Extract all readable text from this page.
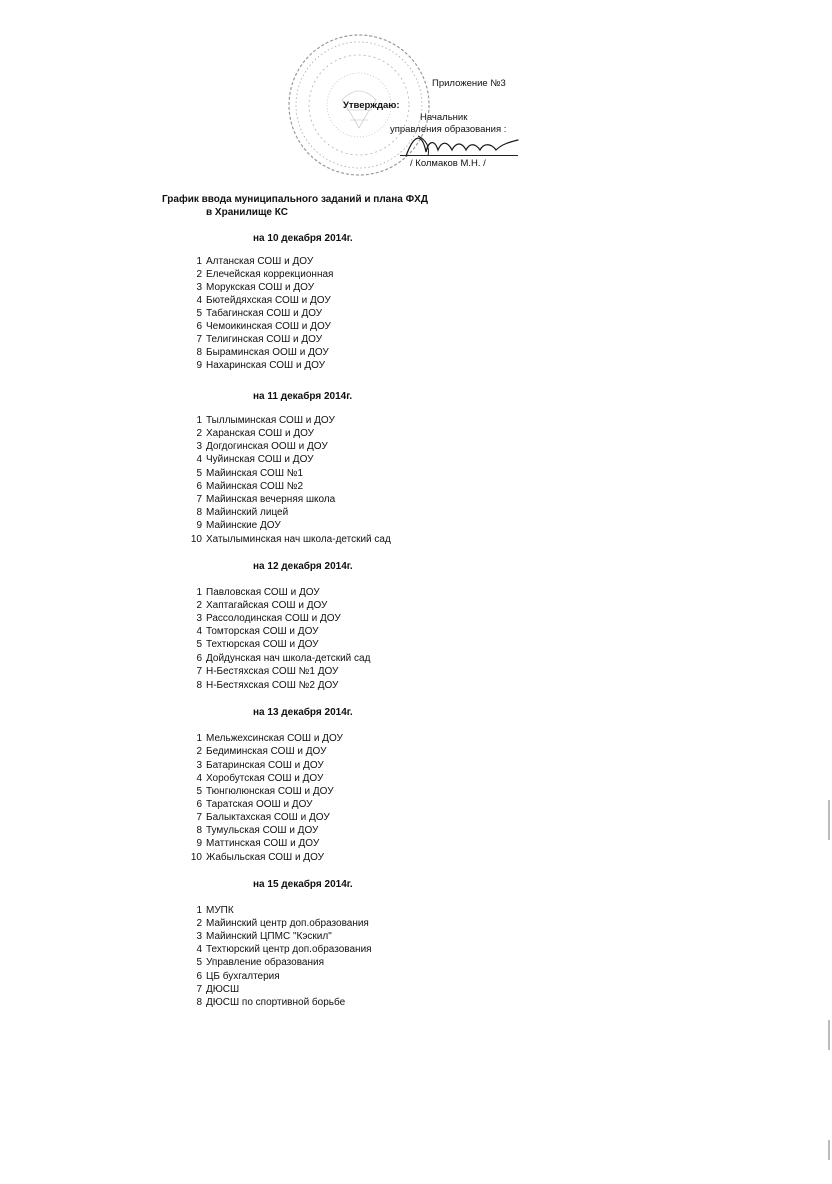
Приложение №3
Утверждаю:
Начальник
управления образования :
/ Колмаков М.Н. /
График ввода муниципального заданий и плана ФХД
в Хранилище КС
на 10 декабря 2014г.
1 Алтанская СОШ и ДОУ
2 Елечейская коррекционная
3 Морукская СОШ и ДОУ
4 Бютейдяхская СОШ и ДОУ
5 Табагинская СОШ и ДОУ
6 Чемоикинская СОШ и ДОУ
7 Телигинская СОШ и ДОУ
8 Быраминская ООШ и ДОУ
9 Нахаринская СОШ и ДОУ
на 11 декабря 2014г.
1 Тыллыминская СОШ и ДОУ
2 Харанская СОШ и ДОУ
3 Догдогинская ООШ и ДОУ
4 Чуйинская СОШ и ДОУ
5 Майинская СОШ №1
6 Майинская СОШ №2
7 Майинская вечерняя школа
8 Майинский лицей
9 Майинские ДОУ
10 Хатылыминская нач школа-детский сад
на 12 декабря 2014г.
1 Павловская СОШ и ДОУ
2 Хаптагайская СОШ и ДОУ
3 Рассолодинская СОШ и ДОУ
4 Томторская СОШ и ДОУ
5 Техтюрская СОШ и ДОУ
6 Дойдунская нач школа-детский сад
7 Н-Бестяхская СОШ №1 ДОУ
8 Н-Бестяхская СОШ №2 ДОУ
на 13 декабря 2014г.
1 Мельжехсинская СОШ и ДОУ
2 Бедиминская СОШ и ДОУ
3 Батаринская СОШ и ДОУ
4 Хоробутская СОШ и ДОУ
5 Тюнгюлюнская СОШ и ДОУ
6 Таратская ООШ и ДОУ
7 Балыктахская СОШ и ДОУ
8 Тумульская СОШ и ДОУ
9 Маттинская СОШ и ДОУ
10 Жабыльская СОШ и ДОУ
на 15 декабря 2014г.
1 МУПК
2 Майинский центр доп.образования
3 Майинский ЦПМС "Кэскил"
4 Техтюрский центр доп.образования
5 Управление образования
6 ЦБ бухгалтерия
7 ДЮСШ
8 ДЮСШ по спортивной борьбе
